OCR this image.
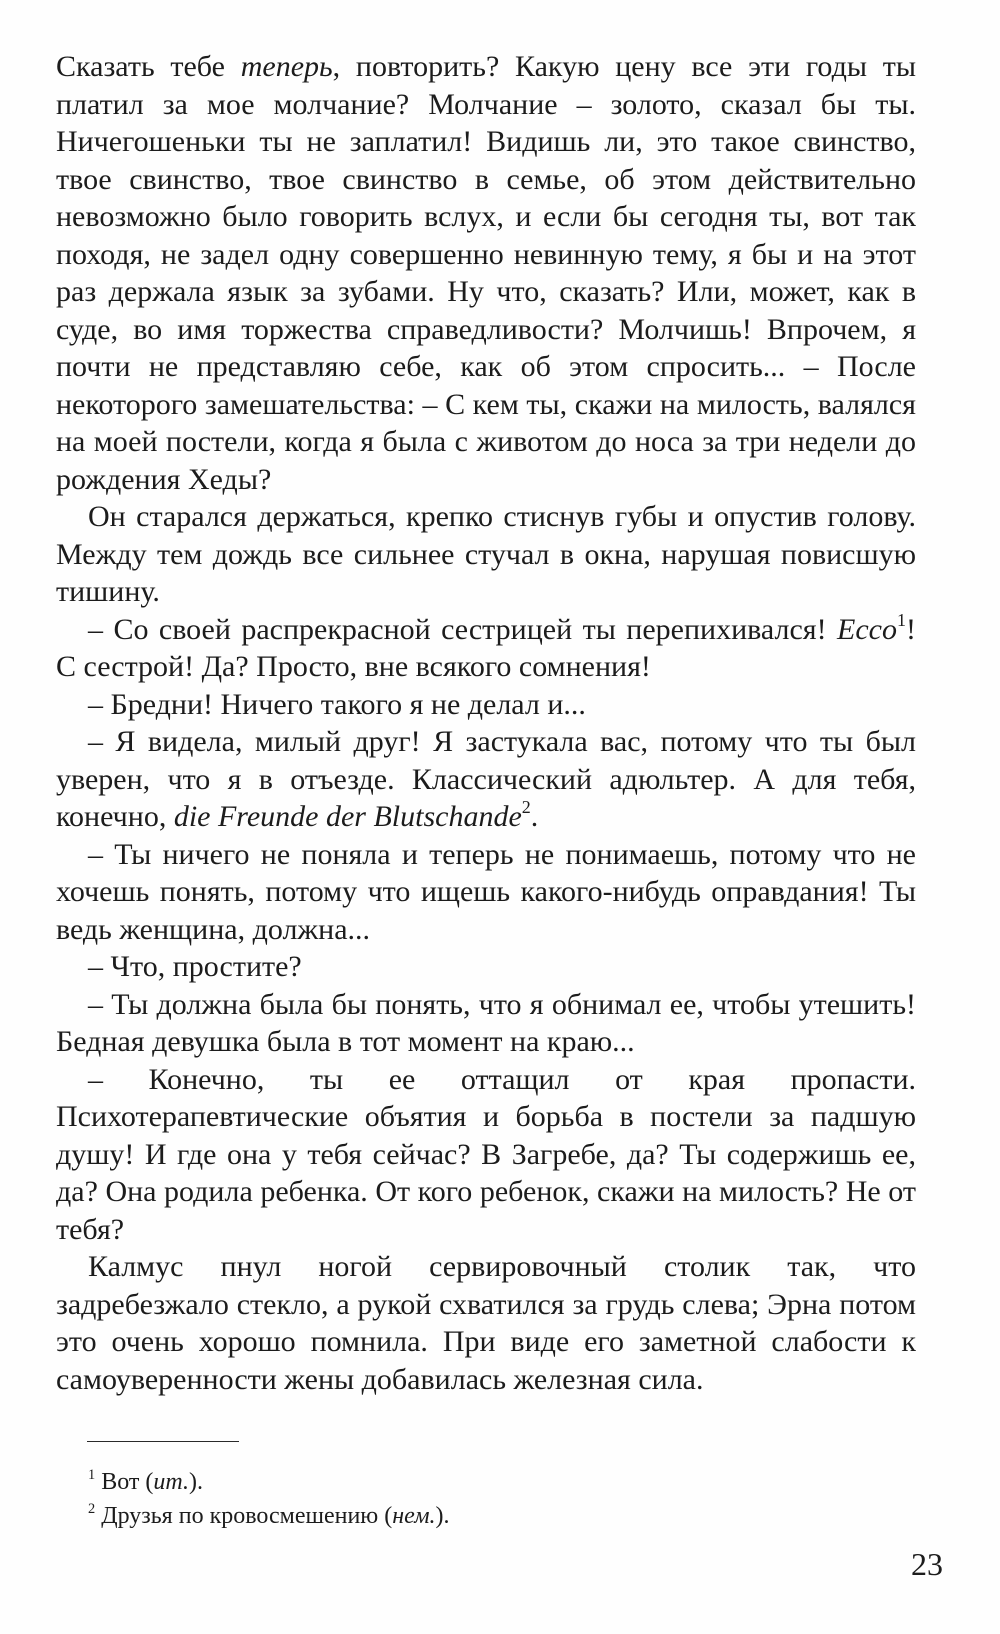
Сказать тебе теперь, повторить? Какую цену все эти годы ты платил за мое молчание? Молчание – золото, сказал бы ты. Ничегошеньки ты не заплатил! Видишь ли, это такое свинство, твое свинство, твое свинство в семье, об этом действительно невозможно было говорить вслух, и если бы сегодня ты, вот так походя, не задел одну совершенно невинную тему, я бы и на этот раз держала язык за зубами. Ну что, сказать? Или, может, как в суде, во имя торжества справедливости? Молчишь! Впрочем, я почти не представляю себе, как об этом спросить... – После некоторого замешательства: – С кем ты, скажи на милость, валялся на моей постели, когда я была с животом до носа за три недели до рождения Хеды?

Он старался держаться, крепко стиснув губы и опустив голову. Между тем дождь все сильнее стучал в окна, нарушая повисшую тишину.

– Со своей распрекрасной сестрицей ты перепихивался! Ecco$^1$! С сестрой! Да? Просто, вне всякого сомнения!

– Бредни! Ничего такого я не делал и...

– Я видела, милый друг! Я застукала вас, потому что ты был уверен, что я в отъезде. Классический адюльтер. А для тебя, конечно, die Freunde der Blutschande$^2$.

– Ты ничего не поняла и теперь не понимаешь, потому что не хочешь понять, потому что ищешь какого-нибудь оправдания! Ты ведь женщина, должна...

– Что, простите?

– Ты должна была бы понять, что я обнимал ее, чтобы утешить! Бедная девушка была в тот момент на краю...

– Конечно, ты ее оттащил от края пропасти. Психотерапевтические объятия и борьба в постели за падшую душу! И где она у тебя сейчас? В Загребе, да? Ты содержишь ее, да? Она родила ребенка. От кого ребенок, скажи на милость? Не от тебя?

Калмус пнул ногой сервировочный столик так, что задребезжало стекло, а рукой схватился за грудь слева; Эрна потом это очень хорошо помнила. При виде его заметной слабости к самоуверенности жены добавилась железная сила.

$^1$ Вот (ит.).

$^2$ Друзья по кровосмешению (нем.).

23
